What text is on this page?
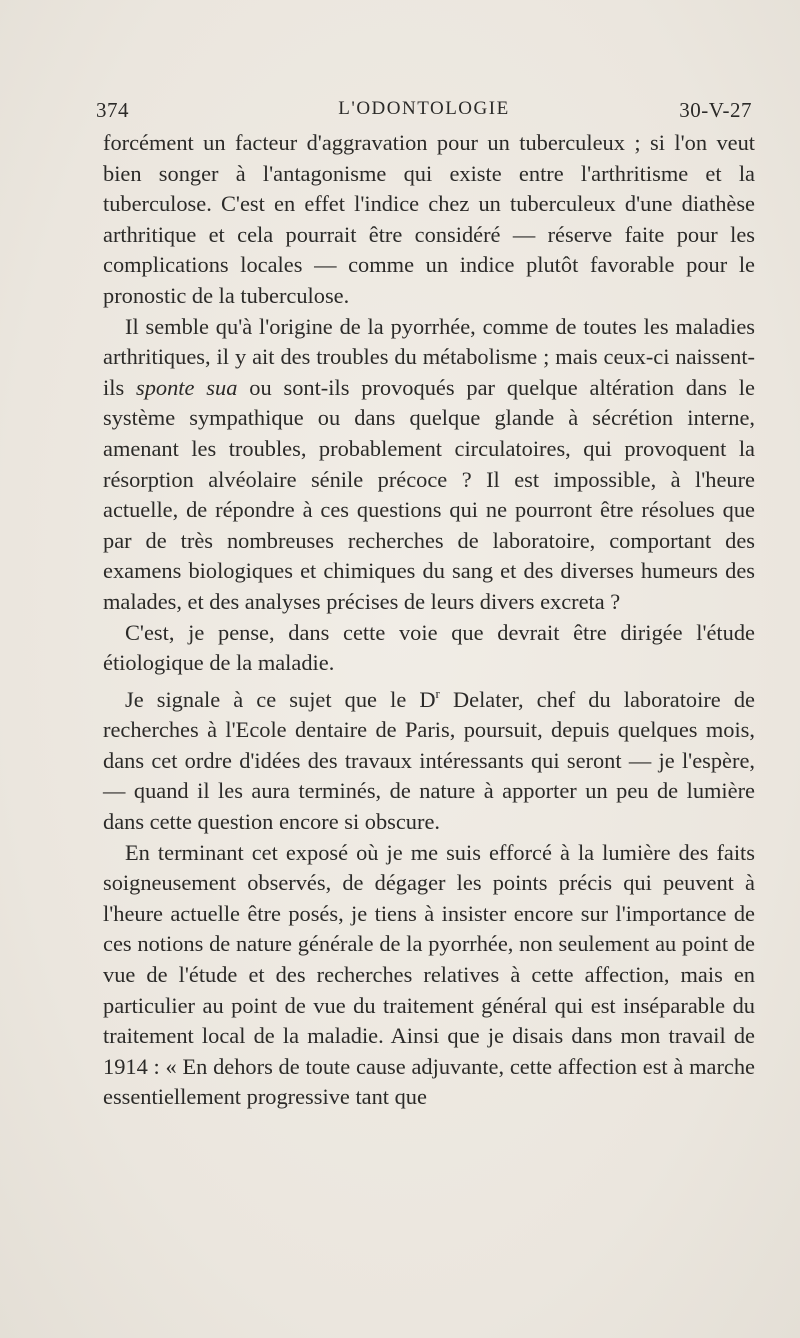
374	L'ODONTOLOGIE	30-V-27

forcément un facteur d'aggravation pour un tuberculeux ; si l'on veut bien songer à l'antagonisme qui existe entre l'arthritisme et la tuberculose. C'est en effet l'indice chez un tuberculeux d'une diathèse arthritique et cela pourrait être considéré — réserve faite pour les complications locales — comme un indice plutôt favorable pour le pronostic de la tuberculose.

Il semble qu'à l'origine de la pyorrhée, comme de toutes les maladies arthritiques, il y ait des troubles du métabolisme ; mais ceux-ci naissent-ils sponte sua ou sont-ils provoqués par quelque altération dans le système sympathique ou dans quelque glande à sécrétion interne, amenant les troubles, probablement circulatoires, qui provoquent la résorption alvéolaire sénile précoce ? Il est impossible, à l'heure actuelle, de répondre à ces questions qui ne pourront être résolues que par de très nombreuses recherches de laboratoire, comportant des examens biologiques et chimiques du sang et des diverses humeurs des malades, et des analyses précises de leurs divers excreta ?

C'est, je pense, dans cette voie que devrait être dirigée l'étude étiologique de la maladie.

Je signale à ce sujet que le $D^r$ Delater, chef du laboratoire de recherches à l'Ecole dentaire de Paris, poursuit, depuis quelques mois, dans cet ordre d'idées des travaux intéressants qui seront — je l'espère, — quand il les aura terminés, de nature à apporter un peu de lumière dans cette question encore si obscure.

En terminant cet exposé où je me suis efforcé à la lumière des faits soigneusement observés, de dégager les points précis qui peuvent à l'heure actuelle être posés, je tiens à insister encore sur l'importance de ces notions de nature générale de la pyorrhée, non seulement au point de vue de l'étude et des recherches relatives à cette affection, mais en particulier au point de vue du traitement général qui est inséparable du traitement local de la maladie. Ainsi que je disais dans mon travail de 1914 : « En dehors de toute cause adjuvante, cette affection est à marche essentiellement progressive tant que
